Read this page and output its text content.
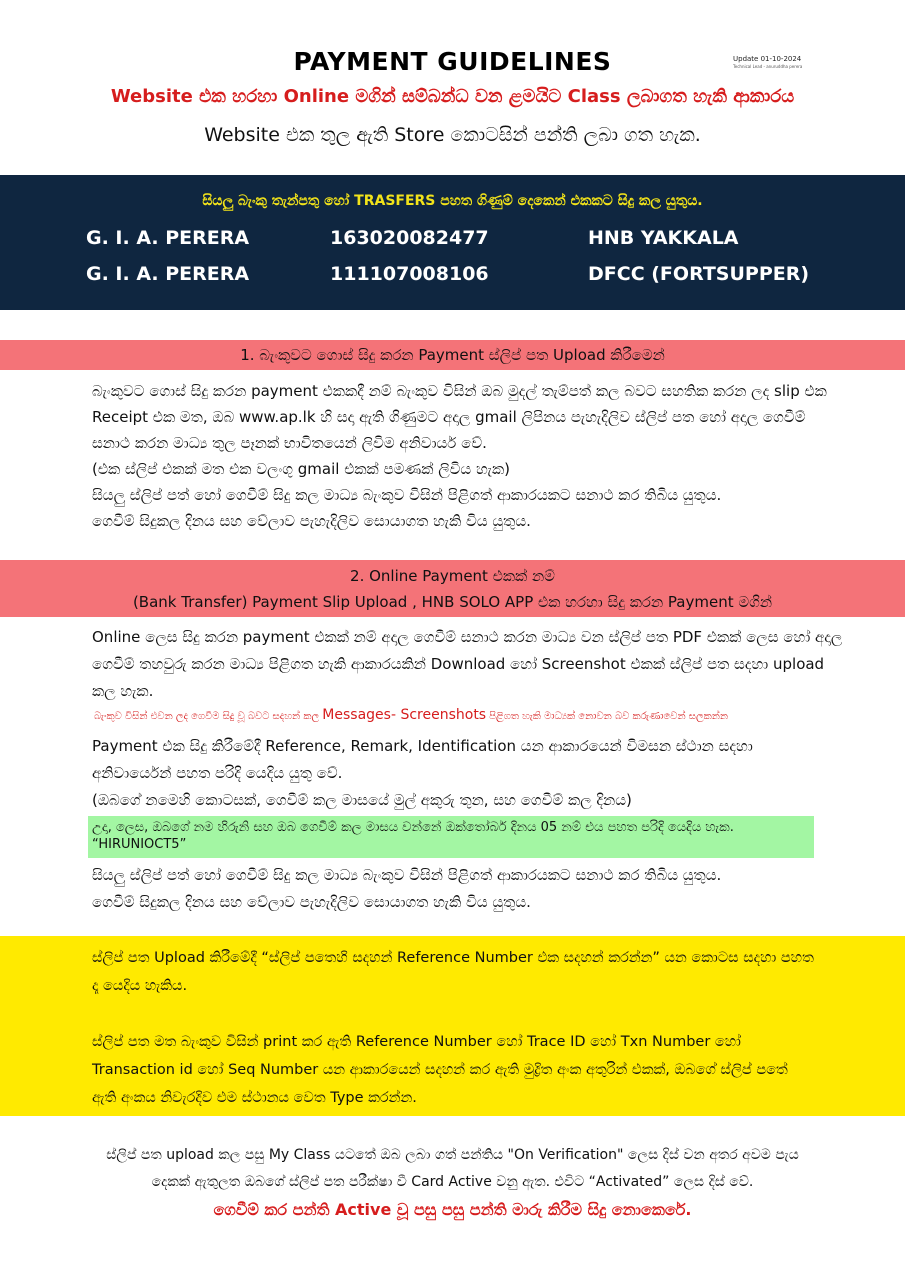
PAYMENT GUIDELINES	Update 01-10-2024
Technical Lead - anuruddha perera
Website එක හරහා Online මගින් සම්බන්ධ වන ළමයිට Class ලබාගත හැකි ආකාරය
Website එක තුල ඇති Store කොටසින් පන්ති ලබා ගත හැක.
සියලු බැංකු තැන්පතු හෝ TRASFERS පහත ගිණුම් දෙකෙන් එකකට සිදු කල යුතුය.
G. I. A. PERERA	163020082477	HNB YAKKALA
G. I. A. PERERA	111107008106	DFCC (FORTSUPPER)
1. බැංකුවට ගොස් සිදු කරන Payment ස්ලිප් පත Upload කිරීමෙන්

බැංකුවට ගොස් සිදු කරන payment එකකදී නම් බැංකුව විසින් ඔබ මුදල් තැම්පත් කල බවට සහතික කරන ලද slip එක

Receipt එක මත, ඔබ www.ap.lk හි සදා ඇති ගිණුමට අදාල gmail ලිපිනය පැහැදිලිව ස්ලිප් පත හෝ අදාල ගෙවීම්

සනාථ කරන මාධ්‍ය තුල පෑනක් භාවිතයෙන් ලිවිම අනිවාර්ය වේ.

(එක ස්ලිප් එකක් මත එක වලංගු gmail එකක් පමණක් ලිවිය හැක)

සියලු ස්ලිප් පත් හෝ ගෙවීම් සිදු කල මාධ්‍ය බැංකුව විසින් පිළිගත් ආකාරයකට සනාථ කර තිබිය යුතුය.

ගෙවීම් සිදුකල දිනය සහ වේලාව පැහැදිලිව සොයාගත හැකි විය යුතුය.

2. Online Payment එකක් නම්
(Bank Transfer) Payment Slip Upload , HNB SOLO APP එක හරහා සිදු කරන Payment මගින්

Online ලෙස සිදු කරන payment එකක් නම් අදාල ගෙවීම් සනාථ කරන මාධ්‍ය වන ස්ලිප් පත PDF එකක් ලෙස හෝ අදාල

ගෙවීම් තහවුරු කරන මාධ්‍ය පිළිගත හැකි ආකාරයකින් Download හෝ Screenshot එකක් ස්ලිප් පත සදහා upload

කල හැක.

බැංකුව විසින් එවන ලද ගෙවීම සිදු වූ බවට සදහන් කල Messages- Screenshots පිළිගත හැකි මාධ්‍යක් නොවන බව කරුණාවෙන් සලකන්න

Payment එක සිදු කිරීමේදී Reference, Remark, Identification යන ආකාරයෙන් විමසන ස්ථාන සදහා

අනිවාර්යෙන් පහත පරිදි යෙදිය යුතු වේ.

(ඔබගේ නමෙහි කොටසක්, ගෙවීම් කල මාසයේ මුල් අකුරු තුන, සහ ගෙවීම් කල දිනය)

උදා, ලෙස, ඔබගේ නම හිරුනි සහ ඔබ ගෙවීම් කල මාසය වන්නේ ඔක්තෝබර් දිනය 05 නම් එය පහත පරිදි යෙදිය හැක.
“HIRUNIOCT5”

සියලු ස්ලිප් පත් හෝ ගෙවීම් සිදු කල මාධ්‍ය බැංකුව විසින් පිළිගත් ආකාරයකට සනාථ කර තිබිය යුතුය.

ගෙවීම් සිදුකල දිනය සහ වේලාව පැහැදිලිව සොයාගත හැකි විය යුතුය.

ස්ලිප් පත Upload කිරීමේදී “ස්ලිප් පතෙහි සදහන් Reference Number එක සදහන් කරන්න” යන කොටස සදහා පහත

දෑ යෙදිය හැකිය.

ස්ලිප් පත මත බැංකුව විසින් print කර ඇති Reference Number හෝ Trace ID හෝ Txn Number හෝ

Transaction id හෝ Seq Number යන ආකාරයෙන් සදහන් කර ඇති මුද්‍රිත අංක අතුරින් එකක්, ඔබගේ ස්ලිප් පතේ

ඇති අංකය නිවැරදිව එම ස්ථානය වෙත Type කරන්න.

ස්ලිප් පත upload කල පසු My Class යටතේ ඔබ ලබා ගත් පන්තිය "On Verification" ලෙස දිස් වන අතර අවම පැය
දෙකක් ඇතුලත ඔබගේ ස්ලිප් පත පරීක්ෂා වී Card Active වනු ඇත. එවිට “Activated” ලෙස දිස් වේ.
ගෙවීම් කර පන්ති Active වූ පසු පසු පන්ති මාරු කිරීම සිදු නොකෙරේ.
